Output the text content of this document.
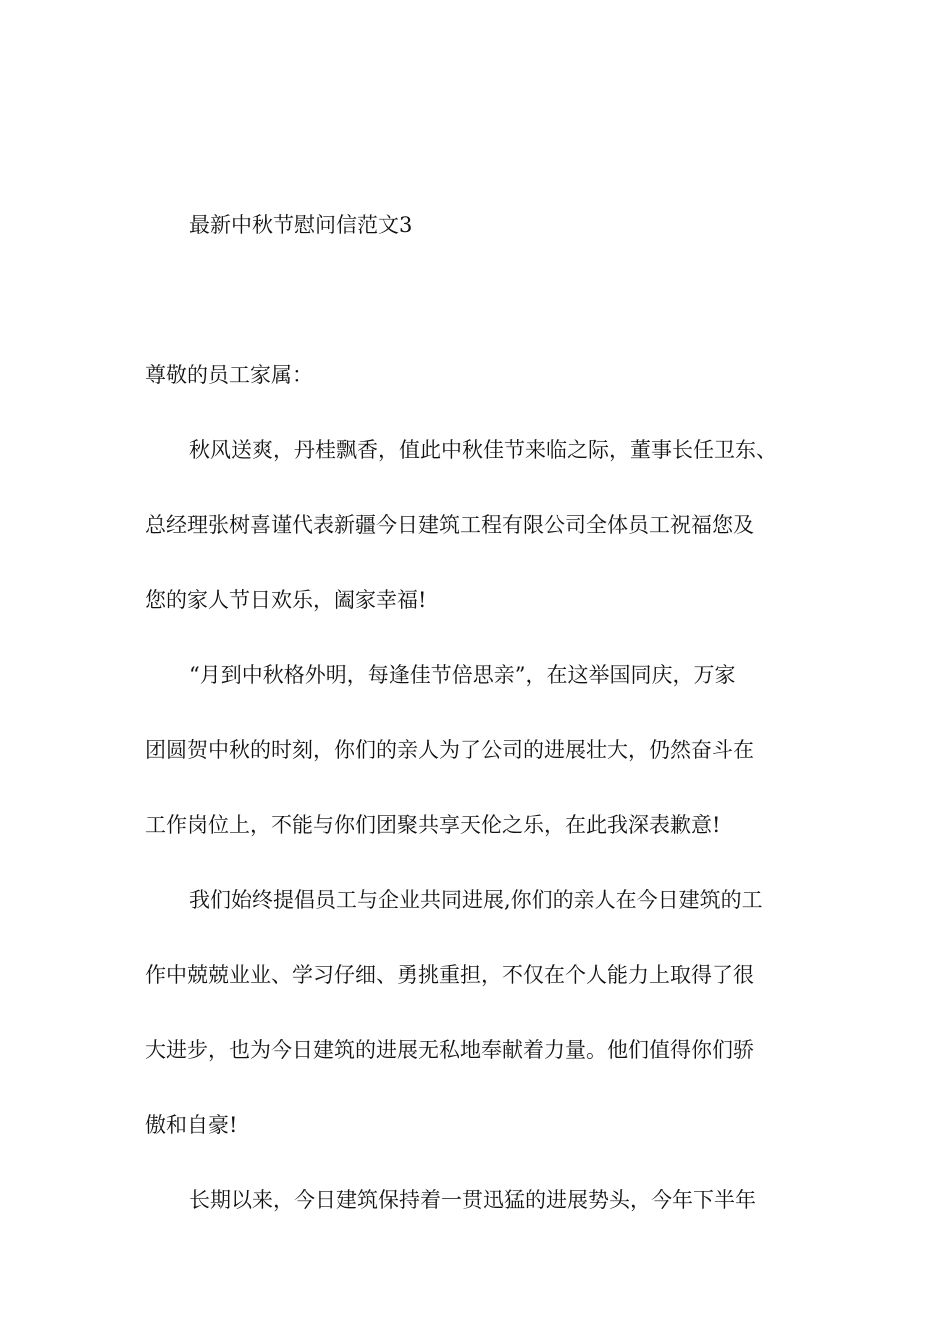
最新中秋节慰问信范文3
尊敬的员工家属：
秋风送爽，丹桂飘香，值此中秋佳节来临之际，董事长任卫东、
总经理张树喜谨代表新疆今日建筑工程有限公司全体员工祝福您及
您的家人节日欢乐，阖家幸福!
“月到中秋格外明，每逢佳节倍思亲”，在这举国同庆，万家
团圆贺中秋的时刻，你们的亲人为了公司的进展壮大，仍然奋斗在
工作岗位上，不能与你们团聚共享天伦之乐，在此我深表歉意!
我们始终提倡员工与企业共同进展,你们的亲人在今日建筑的工
作中兢兢业业、学习仔细、勇挑重担，不仅在个人能力上取得了很
大进步，也为今日建筑的进展无私地奉献着力量。他们值得你们骄
傲和自豪!
长期以来，今日建筑保持着一贯迅猛的进展势头，今年下半年
